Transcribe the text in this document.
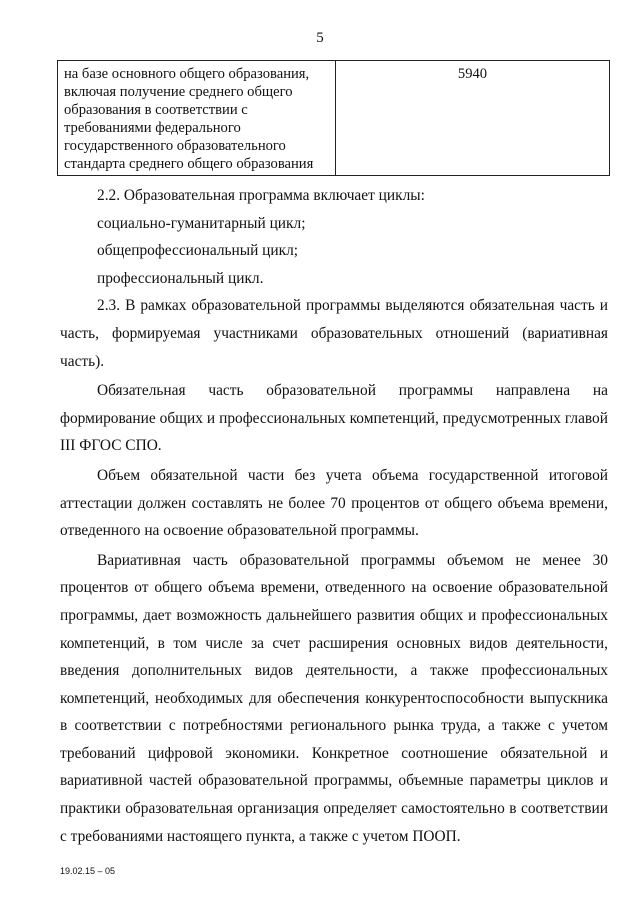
5
на базе основного общего образования,
включая получение среднего общего
образования в соответствии с
требованиями федерального
государственного образовательного
стандарта среднего общего образования
	5940

2.2. Образовательная программа включает циклы:

социально-гуманитарный цикл;

общепрофессиональный цикл;

профессиональный цикл.

2.3. В рамках образовательной программы выделяются обязательная часть и часть, формируемая участниками образовательных отношений (вариативная часть).

Обязательная часть образовательной программы направлена на формирование общих и профессиональных компетенций, предусмотренных главой III ФГОС СПО.

Объем обязательной части без учета объема государственной итоговой аттестации должен составлять не более 70 процентов от общего объема времени, отведенного на освоение образовательной программы.

Вариативная часть образовательной программы объемом не менее 30 процентов от общего объема времени, отведенного на освоение образовательной программы, дает возможность дальнейшего развития общих и профессиональных компетенций, в том числе за счет расширения основных видов деятельности, введения дополнительных видов деятельности, а также профессиональных компетенций, необходимых для обеспечения конкурентоспособности выпускника в соответствии с потребностями регионального рынка труда, а также с учетом требований цифровой экономики. Конкретное соотношение обязательной и вариативной частей образовательной программы, объемные параметры циклов и практики образовательная организация определяет самостоятельно в соответствии с требованиями настоящего пункта, а также с учетом ПООП.

19.02.15 – 05
